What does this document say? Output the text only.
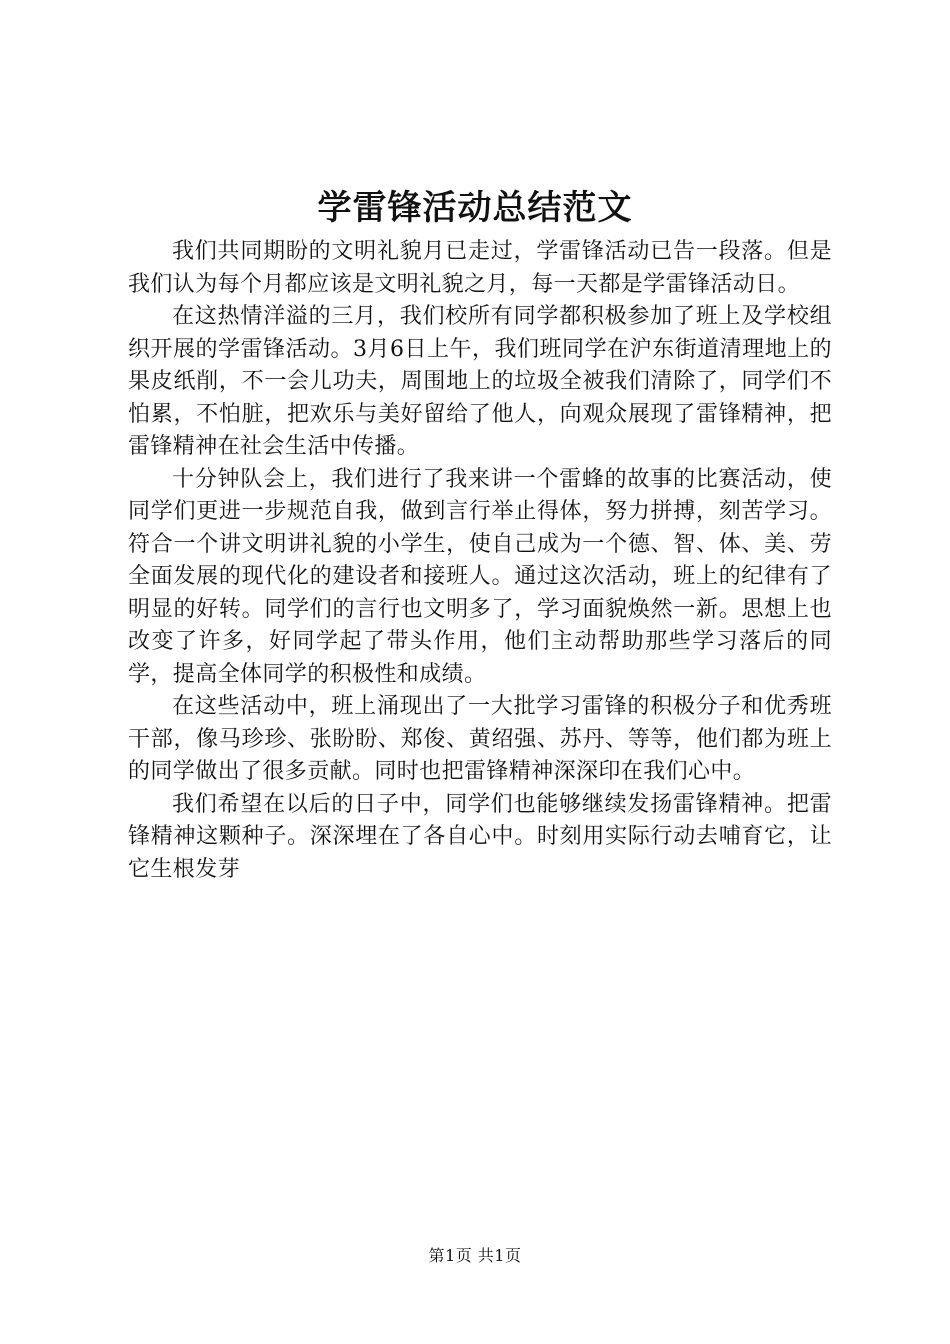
学雷锋活动总结范文

我们共同期盼的文明礼貌月已走过，学雷锋活动已告一段落。但是我们认为每个月都应该是文明礼貌之月，每一天都是学雷锋活动日。

在这热情洋溢的三月，我们校所有同学都积极参加了班上及学校组织开展的学雷锋活动。3月6日上午，我们班同学在沪东街道清理地上的果皮纸削，不一会儿功夫，周围地上的垃圾全被我们清除了，同学们不怕累，不怕脏，把欢乐与美好留给了他人，向观众展现了雷锋精神，把雷锋精神在社会生活中传播。

十分钟队会上，我们进行了我来讲一个雷蜂的故事的比赛活动，使同学们更进一步规范自我，做到言行举止得体，努力拼搏，刻苦学习。符合一个讲文明讲礼貌的小学生，使自己成为一个德、智、体、美、劳全面发展的现代化的建设者和接班人。通过这次活动，班上的纪律有了明显的好转。同学们的言行也文明多了，学习面貌焕然一新。思想上也改变了许多，好同学起了带头作用，他们主动帮助那些学习落后的同学，提高全体同学的积极性和成绩。

在这些活动中，班上涌现出了一大批学习雷锋的积极分子和优秀班干部，像马珍珍、张盼盼、郑俊、黄绍强、苏丹、等等，他们都为班上的同学做出了很多贡献。同时也把雷锋精神深深印在我们心中。

我们希望在以后的日子中，同学们也能够继续发扬雷锋精神。把雷锋精神这颗种子。深深埋在了各自心中。时刻用实际行动去哺育它，让它生根发芽

第1页 共1页
